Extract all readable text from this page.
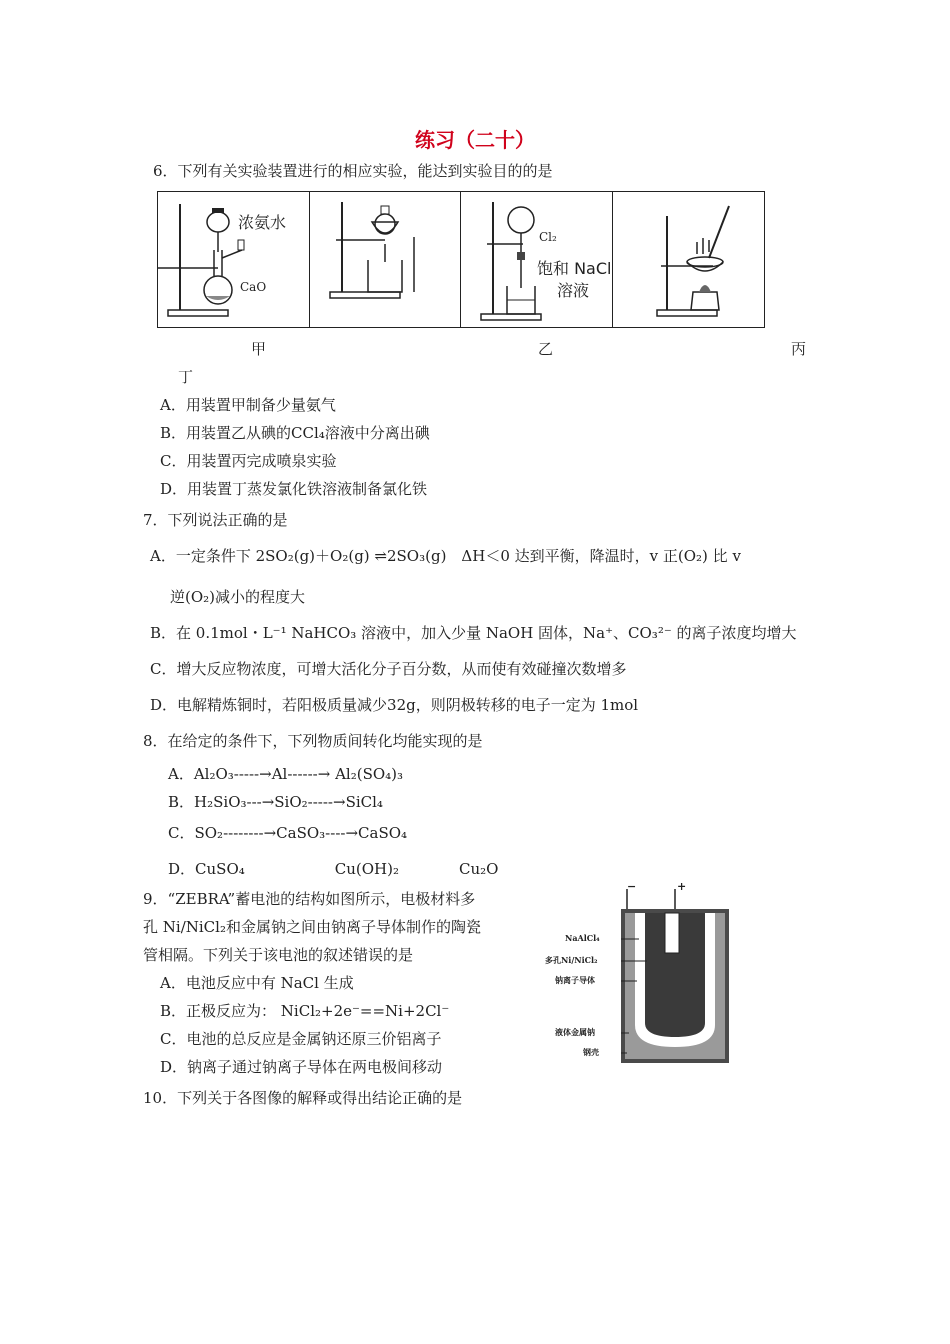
练习（二十）
6．下列有关实验装置进行的相应实验，能达到实验目的的是
浓氨水
CaO
Cl₂
饱和 NaCl
溶液
甲	乙	丙
丁
A．用装置甲制备少量氨气
B．用装置乙从碘的CCl₄溶液中分离出碘
C．用装置丙完成喷泉实验
D．用装置丁蒸发氯化铁溶液制备氯化铁
7．下列说法正确的是
A．一定条件下 2SO₂(g)＋O₂(g) ⇌2SO₃(g)　ΔH＜0 达到平衡，降温时，v 正(O₂) 比 v
逆(O₂)减小的程度大
B．在 0.1mol・L⁻¹ NaHCO₃ 溶液中，加入少量 NaOH 固体，Na⁺、CO₃²⁻ 的离子浓度均增大
C．增大反应物浓度，可增大活化分子百分数，从而使有效碰撞次数增多
D．电解精炼铜时，若阳极质量减少32g，则阴极转移的电子一定为 1mol
8．在给定的条件下，下列物质间转化均能实现的是
A．Al₂O₃-----→Al------→ Al₂(SO₄)₃
B．H₂SiO₃---→SiO₂-----→SiCl₄
C．SO₂--------→CaSO₃----→CaSO₄
D．CuSO₄　　　　　　Cu(OH)₂　　　　Cu₂O
9．“ZEBRA”蓄电池的结构如图所示，电极材料多
孔 Ni/NiCl₂和金属钠之间由钠离子导体制作的陶瓷
管相隔。下列关于该电池的叙述错误的是
A．电池反应中有 NaCl 生成
B．正极反应为： NiCl₂+2e⁻==Ni+2Cl⁻
C．电池的总反应是金属钠还原三价铝离子
D．钠离子通过钠离子导体在两电极间移动
−	+
NaAlCl₄
多孔Ni/NiCl₂
钠离子导体
液体金属钠
钢壳
10．下列关于各图像的解释或得出结论正确的是
